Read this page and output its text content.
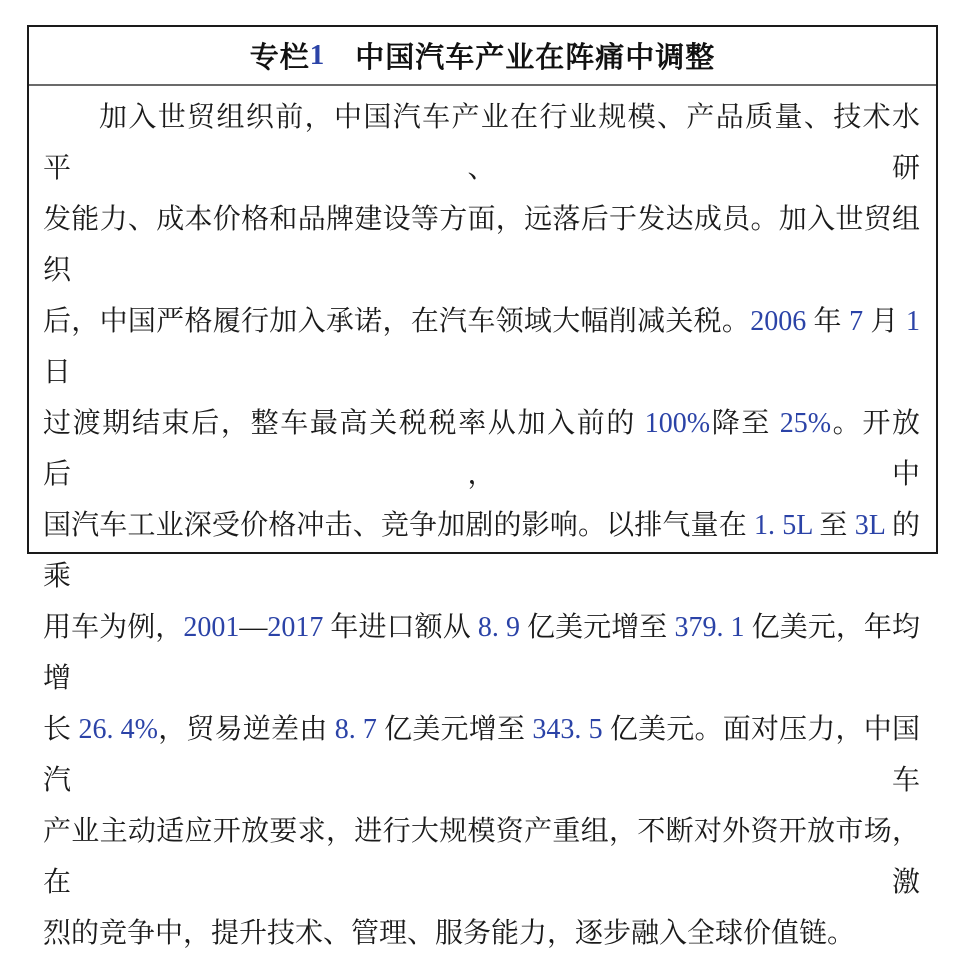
专栏 1 　中国汽车产业在阵痛中调整
加入世贸组织前，中国汽车产业在行业规模、产品质量、技术水平、研
发能力、成本价格和品牌建设等方面，远落后于发达成员。加入世贸组织
后，中国严格履行加入承诺，在汽车领域大幅削减关税。2006 年 7 月 1 日
过渡期结束后，整车最高关税税率从加入前的 100%降至 25%。开放后，中
国汽车工业深受价格冲击、竞争加剧的影响。以排气量在 1. 5L 至 3L 的乘
用车为例，2001—2017 年进口额从 8. 9 亿美元增至 379. 1 亿美元，年均增
长 26. 4%，贸易逆差由 8. 7 亿美元增至 343. 5 亿美元。面对压力，中国汽车
产业主动适应开放要求，进行大规模资产重组，不断对外资开放市场，在激
烈的竞争中，提升技术、管理、服务能力，逐步融入全球价值链。
